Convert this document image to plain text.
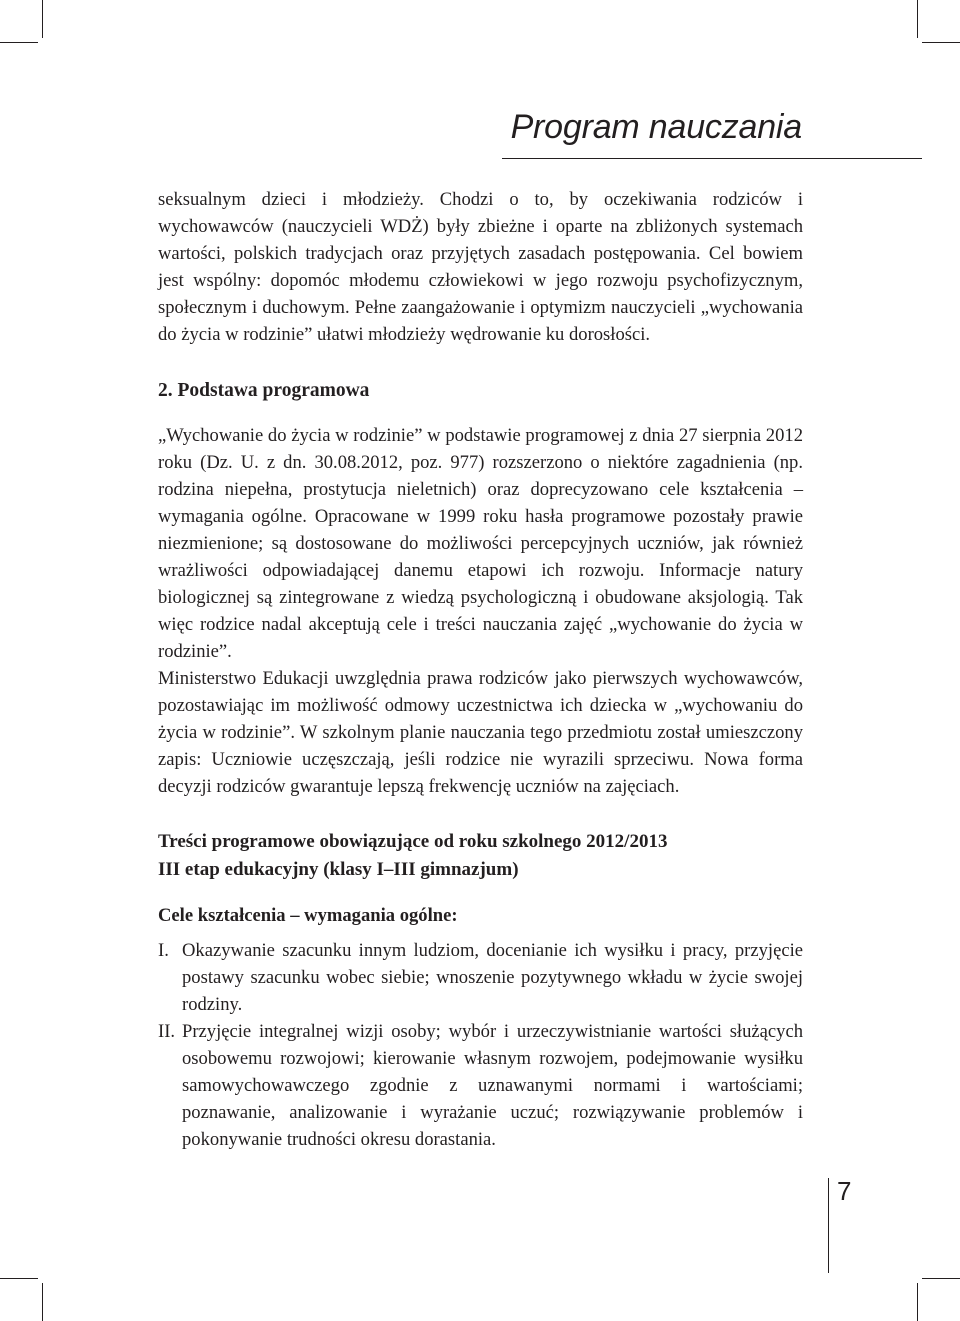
Program nauczania

seksualnym dzieci i młodzieży. Chodzi o to, by oczekiwania rodziców i wychowawców (nauczycieli WDŻ) były zbieżne i oparte na zbliżonych systemach wartości, polskich tradycjach oraz przyjętych zasadach postępowania. Cel bowiem jest wspólny: dopomóc młodemu człowiekowi w jego rozwoju psychofizycznym, społecznym i duchowym. Pełne zaangażowanie i optymizm nauczycieli „wychowania do życia w rodzinie” ułatwi młodzieży wędrowanie ku dorosłości.

2. Podstawa programowa

„Wychowanie do życia w rodzinie” w podstawie programowej z dnia 27 sierpnia 2012 roku (Dz. U. z dn. 30.08.2012, poz. 977) rozszerzono o niektóre zagadnienia (np. rodzina niepełna, prostytucja nieletnich) oraz doprecyzowano cele kształcenia – wymagania ogólne. Opracowane w 1999 roku hasła programowe pozostały prawie niezmienione; są dostosowane do możliwości percepcyjnych uczniów, jak również wrażliwości odpowiadającej danemu etapowi ich rozwoju. Informacje natury biologicznej są zintegrowane z wiedzą psychologiczną i obudowane aksjologią. Tak więc rodzice nadal akceptują cele i treści nauczania zajęć „wychowanie do życia w rodzinie”.

Ministerstwo Edukacji uwzględnia prawa rodziców jako pierwszych wychowawców, pozostawiając im możliwość odmowy uczestnictwa ich dziecka w „wychowaniu do życia w rodzinie”. W szkolnym planie nauczania tego przedmiotu został umieszczony zapis: Uczniowie uczęszczają, jeśli rodzice nie wyrazili sprzeciwu. Nowa forma decyzji rodziców gwarantuje lepszą frekwencję uczniów na zajęciach.

Treści programowe obowiązujące od roku szkolnego 2012/2013
III etap edukacyjny (klasy I–III gimnazjum)
Cele kształcenia – wymagania ogólne:
I. Okazywanie szacunku innym ludziom, docenianie ich wysiłku i pracy, przyjęcie postawy szacunku wobec siebie; wnoszenie pozytywnego wkładu w życie swojej rodziny.
II. Przyjęcie integralnej wizji osoby; wybór i urzeczywistnianie wartości służących osobowemu rozwojowi; kierowanie własnym rozwojem, podejmowanie wysiłku samowychowawczego zgodnie z uznawanymi normami i wartościami; poznawanie, analizowanie i wyrażanie uczuć; rozwiązywanie problemów i pokonywanie trudności okresu dorastania.
7
